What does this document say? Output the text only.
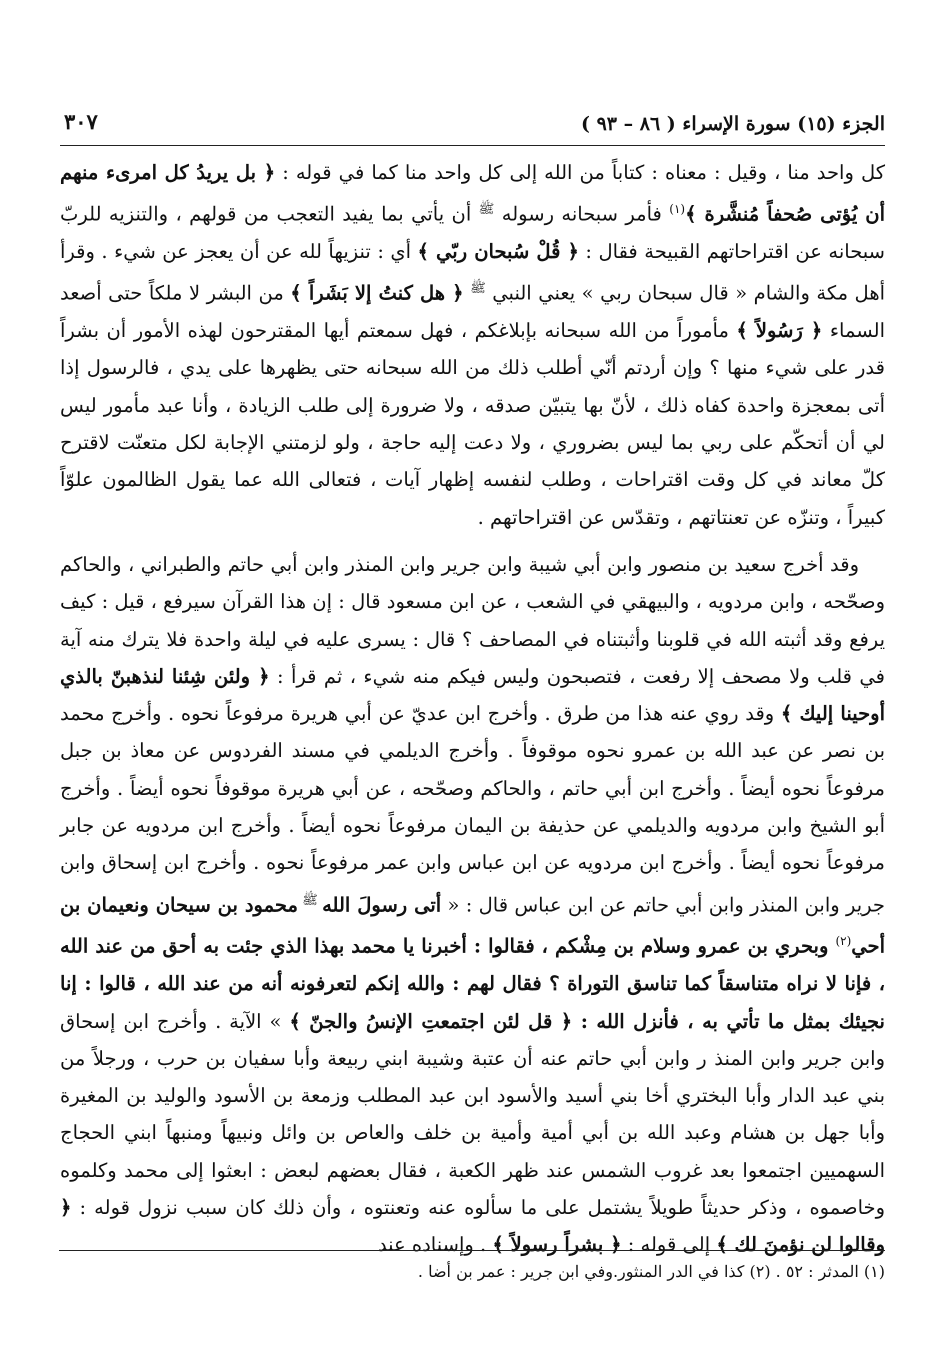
الجزء (١٥) سورة الإسراء ( ٨٦ – ٩٣ )
٣٠٧

كل واحد منا ، وقيل : معناه : كتاباً من الله إلى كل واحد منا كما في قوله : ﴿ بل يريدُ كل امرىء منهم أن يُؤتى صُحفاً مُنشَّرة ﴾$^{(١)}$ فأمر سبحانه رسوله $^ﷺ$ أن يأتي بما يفيد التعجب من قولهم ، والتنزيه للربّ سبحانه عن اقتراحاتهم القبيحة فقال : ﴿ قُلْ سُبحان ربّي ﴾ أي : تنزيهاً لله عن أن يعجز عن شيء . وقرأ أهل مكة والشام « قال سبحان ربي » يعني النبي $^ﷺ$ ﴿ هل كنتُ إلا بَشَراً ﴾ من البشر لا ملكاً حتى أصعد السماء ﴿ رَسُولاً ﴾ مأموراً من الله سبحانه بإبلاغكم ، فهل سمعتم أيها المقترحون لهذه الأمور أن بشراً قدر على شيء منها ؟ وإن أردتم أنّي أطلب ذلك من الله سبحانه حتى يظهرها على يدي ، فالرسول إذا أتى بمعجزة واحدة كفاه ذلك ، لأنّ بها يتبيّن صدقه ، ولا ضرورة إلى طلب الزيادة ، وأنا عبد مأمور ليس لي أن أتحكّم على ربي بما ليس بضروري ، ولا دعت إليه حاجة ، ولو لزمتني الإجابة لكل متعنّت لاقترح كلّ معاند في كل وقت اقتراحات ، وطلب لنفسه إظهار آيات ، فتعالى الله عما يقول الظالمون علوّاً كبيراً ، وتنزّه عن تعنتاتهم ، وتقدّس عن اقتراحاتهم .

وقد أخرج سعيد بن منصور وابن أبي شيبة وابن جرير وابن المنذر وابن أبي حاتم والطبراني ، والحاكم وصحّحه ، وابن مردويه ، والبيهقي في الشعب ، عن ابن مسعود قال : إن هذا القرآن سيرفع ، قيل : كيف يرفع وقد أثبته الله في قلوبنا وأثبتناه في المصاحف ؟ قال : يسرى عليه في ليلة واحدة فلا يترك منه آية في قلب ولا مصحف إلا رفعت ، فتصبحون وليس فيكم منه شيء ، ثم قرأ : ﴿ ولئن شِئنا لنذهبنّ بالذي أوحينا إليك ﴾ وقد روي عنه هذا من طرق . وأخرج ابن عديّ عن أبي هريرة مرفوعاً نحوه . وأخرج محمد بن نصر عن عبد الله بن عمرو نحوه موقوفاً . وأخرج الديلمي في مسند الفردوس عن معاذ بن جبل مرفوعاً نحوه أيضاً . وأخرج ابن أبي حاتم ، والحاكم وصحّحه ، عن أبي هريرة موقوفاً نحوه أيضاً . وأخرج أبو الشيخ وابن مردويه والديلمي عن حذيفة بن اليمان مرفوعاً نحوه أيضاً . وأخرج ابن مردويه عن جابر مرفوعاً نحوه أيضاً . وأخرج ابن مردويه عن ابن عباس وابن عمر مرفوعاً نحوه . وأخرج ابن إسحاق وابن جرير وابن المنذر وابن أبي حاتم عن ابن عباس قال : « أتى رسولَ الله $^ﷺ$ محمود بن سيحان ونعيمان بن أحي$^{(٢)}$ وبحري بن عمرو وسلام بن مِشْكم ، فقالوا : أخبرنا يا محمد بهذا الذي جئت به أحق من عند الله ، فإنا لا نراه متناسقاً كما تناسق التوراة ؟ فقال لهم : والله إنكم لتعرفونه أنه من عند الله ، قالوا : إنا نجيئك بمثل ما تأتي به ، فأنزل الله : ﴿ قل لئن اجتمعتِ الإنسُ والجنّ ﴾ » الآية . وأخرج ابن إسحاق وابن جرير وابن المنذ ر وابن أبي حاتم عنه أن عتبة وشيبة ابني ربيعة وأبا سفيان بن حرب ، ورجلاً من بني عبد الدار وأبا البختري أخا بني أسيد والأسود ابن عبد المطلب وزمعة بن الأسود والوليد بن المغيرة وأبا جهل بن هشام وعبد الله بن أبي أمية وأمية بن خلف والعاص بن وائل ونبيهاً ومنبهاً ابني الحجاج السهميين اجتمعوا بعد غروب الشمس عند ظهر الكعبة ، فقال بعضهم لبعض : ابعثوا إلى محمد وكلموه وخاصموه ، وذكر حديثاً طويلاً يشتمل على ما سألوه عنه وتعنتوه ، وأن ذلك كان سبب نزول قوله : ﴿ وقالوا لن نؤمنَ لك ﴾ إلى قوله : ﴿ بشراً رسولاً ﴾ . وإسناده عند

(١) المدثر : ٥٢ . (٢) كذا في الدر المنثور.وفي ابن جرير : عمر بن أضا .
